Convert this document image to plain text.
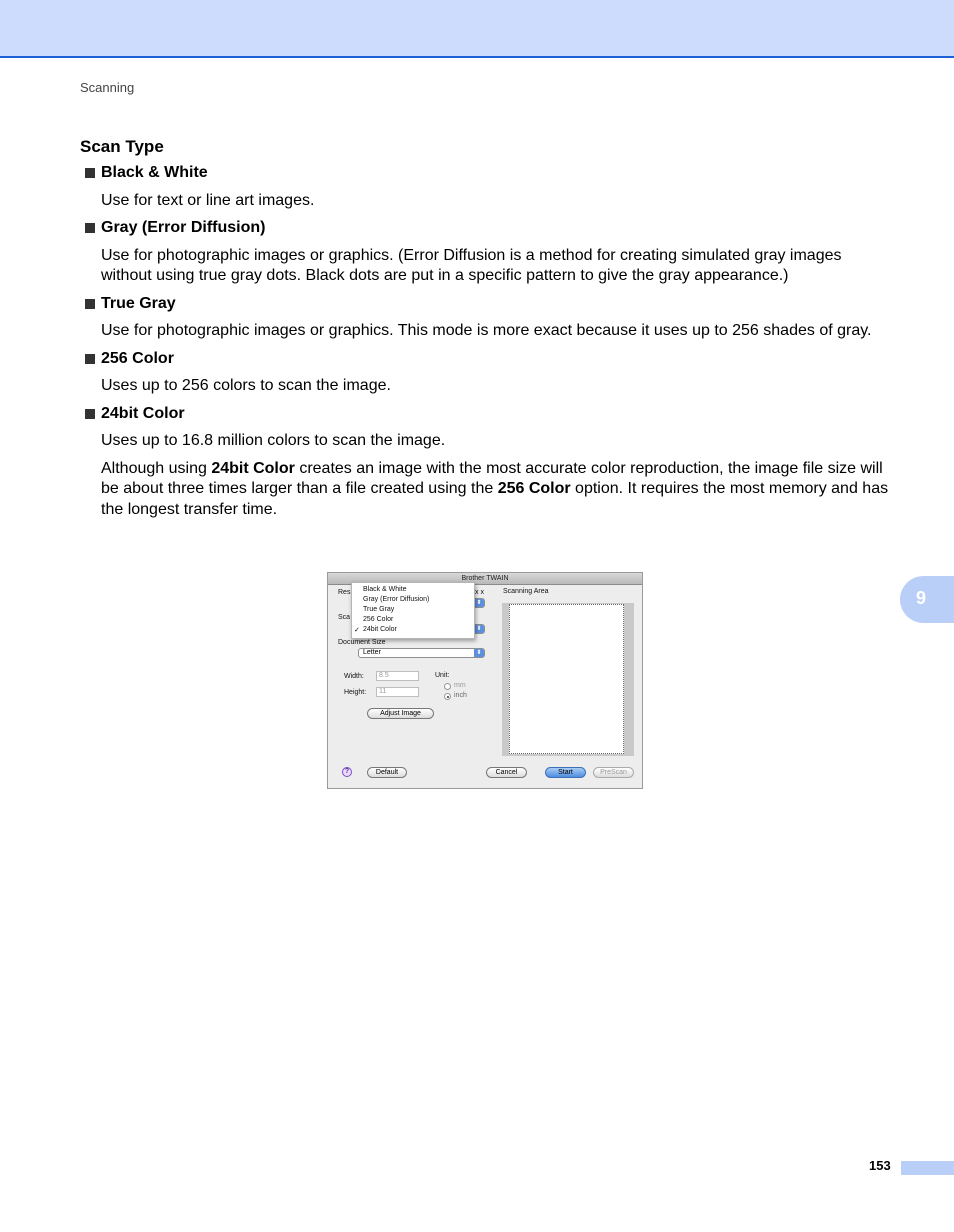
Scanning
Scan Type
Black & White
Use for text or line art images.
Gray (Error Diffusion)
Use for photographic images or graphics. (Error Diffusion is a method for creating simulated gray images without using true gray dots. Black dots are put in a specific pattern to give the gray appearance.)
True Gray
Use for photographic images or graphics. This mode is more exact because it uses up to 256 shades of gray.
256 Color
Uses up to 256 colors to scan the image.
24bit Color
Uses up to 16.8 million colors to scan the image.
Although using 24bit Color creates an image with the most accurate color reproduction, the image file size will be about three times larger than a file created using the 256 Color option. It requires the most memory and has the longest transfer time.
Brother TWAIN
Res
⬍
x x
Sca
⬍
Document Size
Letter	⬍
Width:	8.5
Height:	11
Unit:
mm
inch
Adjust Image
Scanning Area
?	Default	Cancel	Start	PreScan
Black & White
Gray (Error Diffusion)
True Gray
256 Color
✓ 24bit Color
9
153
